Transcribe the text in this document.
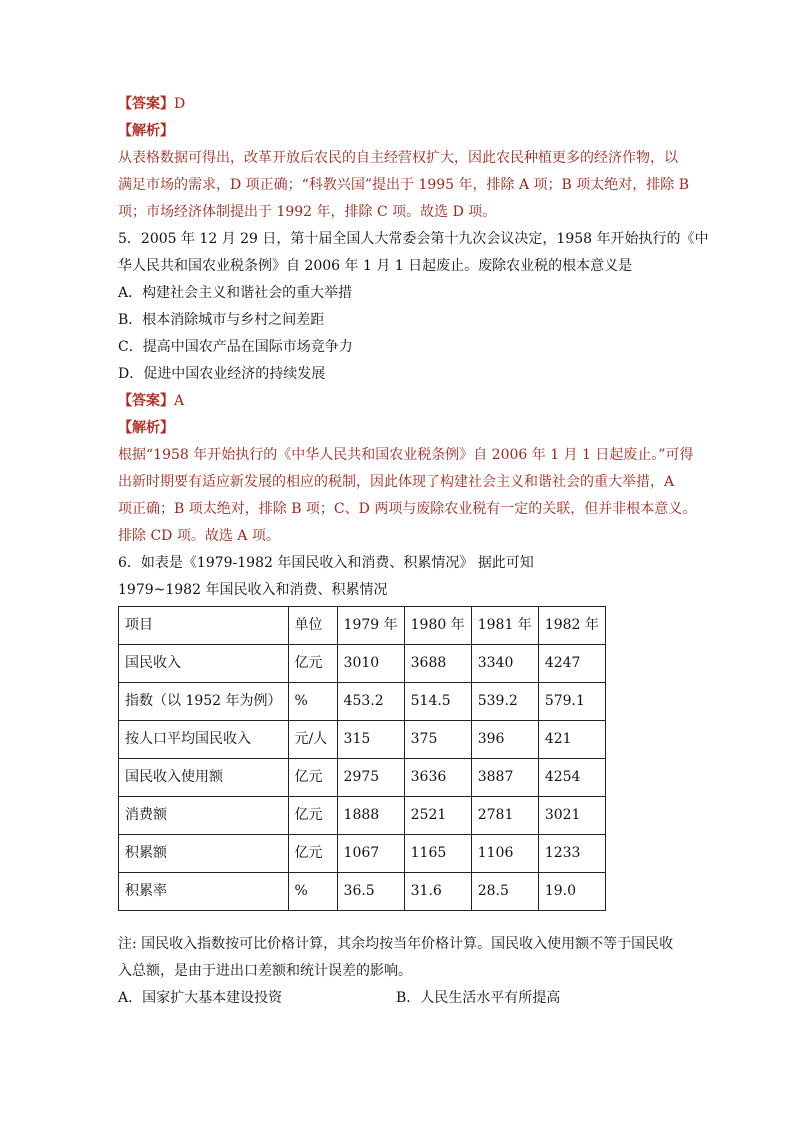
【答案】D

【解析】

从表格数据可得出，改革开放后农民的自主经营权扩大，因此农民种植更多的经济作物，以

满足市场的需求，D 项正确；“科教兴国”提出于 1995 年，排除 A 项；B 项太绝对，排除 B

项；市场经济体制提出于 1992 年，排除 C 项。故选 D 项。

5．2005 年 12 月 29 日，第十届全国人大常委会第十九次会议决定，1958 年开始执行的《中

华人民共和国农业税条例》自 2006 年 1 月 1 日起废止。废除农业税的根本意义是

A．构建社会主义和谐社会的重大举措

B．根本消除城市与乡村之间差距

C．提高中国农产品在国际市场竞争力

D．促进中国农业经济的持续发展

【答案】A

【解析】

根据“1958 年开始执行的《中华人民共和国农业税条例》自 2006 年 1 月 1 日起废止。”可得

出新时期要有适应新发展的相应的税制，因此体现了构建社会主义和谐社会的重大举措，A

项正确；B 项太绝对，排除 B 项；C、D 两项与废除农业税有一定的关联，但并非根本意义。

排除 CD 项。故选 A 项。

6．如表是《1979-1982 年国民收入和消费、积累情况》 据此可知

1979~1982 年国民收入和消费、积累情况

项目	单位	1979 年	1980 年	1981 年	1982 年
国民收入	亿元	3010	3688	3340	4247
指数（以 1952 年为例）	%	453.2	514.5	539.2	579.1
按人口平均国民收入	元/人	315	375	396	421
国民收入使用额	亿元	2975	3636	3887	4254
消费额	亿元	1888	2521	2781	3021
积累额	亿元	1067	1165	1106	1233
积累率	%	36.5	31.6	28.5	19.0

注: 国民收入指数按可比价格计算，其余均按当年价格计算。国民收入使用额不等于国民收

入总额，是由于进出口差额和统计误差的影响。

A．国家扩大基本建设投资	B．人民生活水平有所提高
